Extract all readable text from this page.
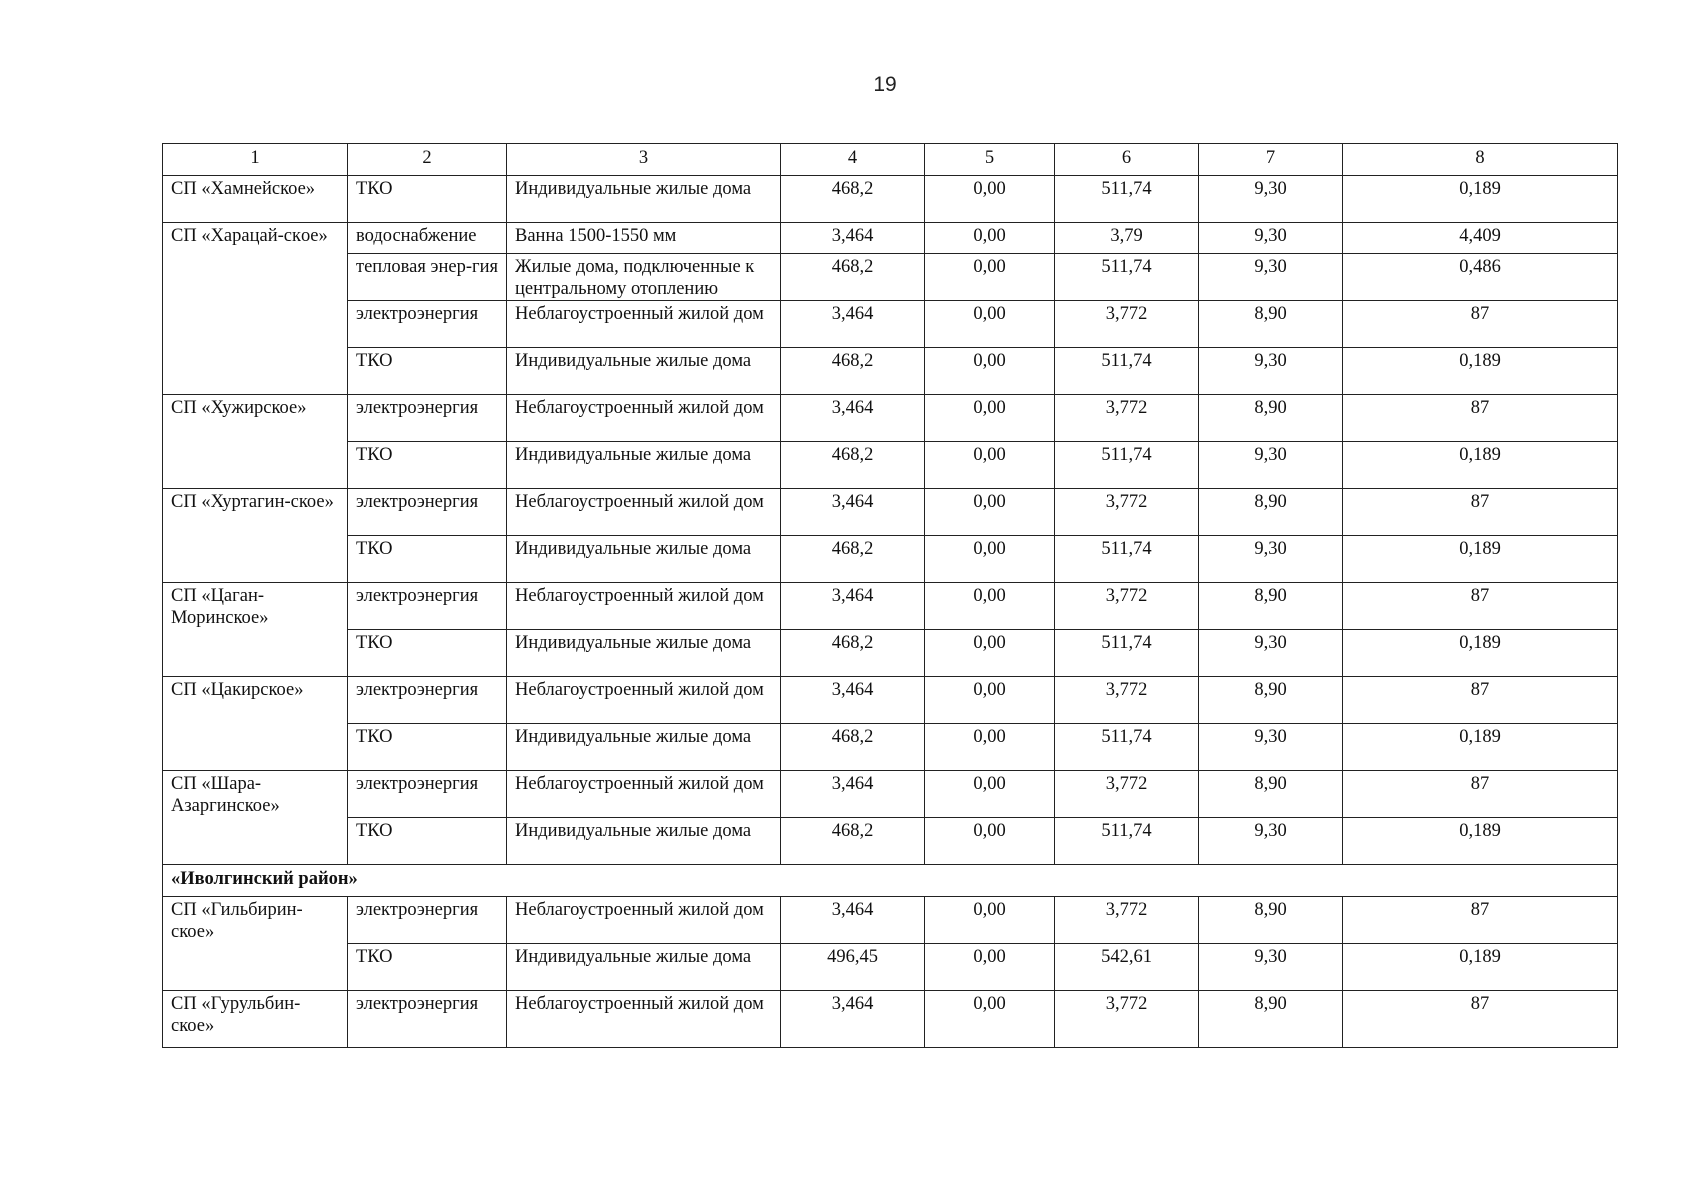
19
1	2	3	4	5	6	7	8
СП «Хамнейское»	ТКО	Индивидуальные жилые дома	468,2	0,00	511,74	9,30	0,189
СП «Харацай-скoе»	водоснабжение	Ванна 1500-1550 мм	3,464	0,00	3,79	9,30	4,409
	тепловая энер-гия	Жилые дома, подключенные к центральному отоплению	468,2	0,00	511,74	9,30	0,486
	электроэнергия	Неблагоустроенный жилой дом	3,464	0,00	3,772	8,90	87
	ТКО	Индивидуальные жилые дома	468,2	0,00	511,74	9,30	0,189
СП «Хужирское»	электроэнергия	Неблагоустроенный жилой дом	3,464	0,00	3,772	8,90	87
	ТКО	Индивидуальные жилые дома	468,2	0,00	511,74	9,30	0,189
СП «Хуртагин-ское»	электроэнергия	Неблагоустроенный жилой дом	3,464	0,00	3,772	8,90	87
	ТКО	Индивидуальные жилые дома	468,2	0,00	511,74	9,30	0,189
СП «Цаган-Моринское»	электроэнергия	Неблагоустроенный жилой дом	3,464	0,00	3,772	8,90	87
	ТКО	Индивидуальные жилые дома	468,2	0,00	511,74	9,30	0,189
СП «Цакирское»	электроэнергия	Неблагоустроенный жилой дом	3,464	0,00	3,772	8,90	87
	ТКО	Индивидуальные жилые дома	468,2	0,00	511,74	9,30	0,189
СП «Шара-Азаргинское»	электроэнергия	Неблагоустроенный жилой дом	3,464	0,00	3,772	8,90	87
	ТКО	Индивидуальные жилые дома	468,2	0,00	511,74	9,30	0,189
«Иволгинский район»							
СП «Гильбирин-ское»	электроэнергия	Неблагоустроенный жилой дом	3,464	0,00	3,772	8,90	87
	ТКО	Индивидуальные жилые дома	496,45	0,00	542,61	9,30	0,189
СП «Гурульбин-ское»	электроэнергия	Неблагоустроенный жилой дом	3,464	0,00	3,772	8,90	87
